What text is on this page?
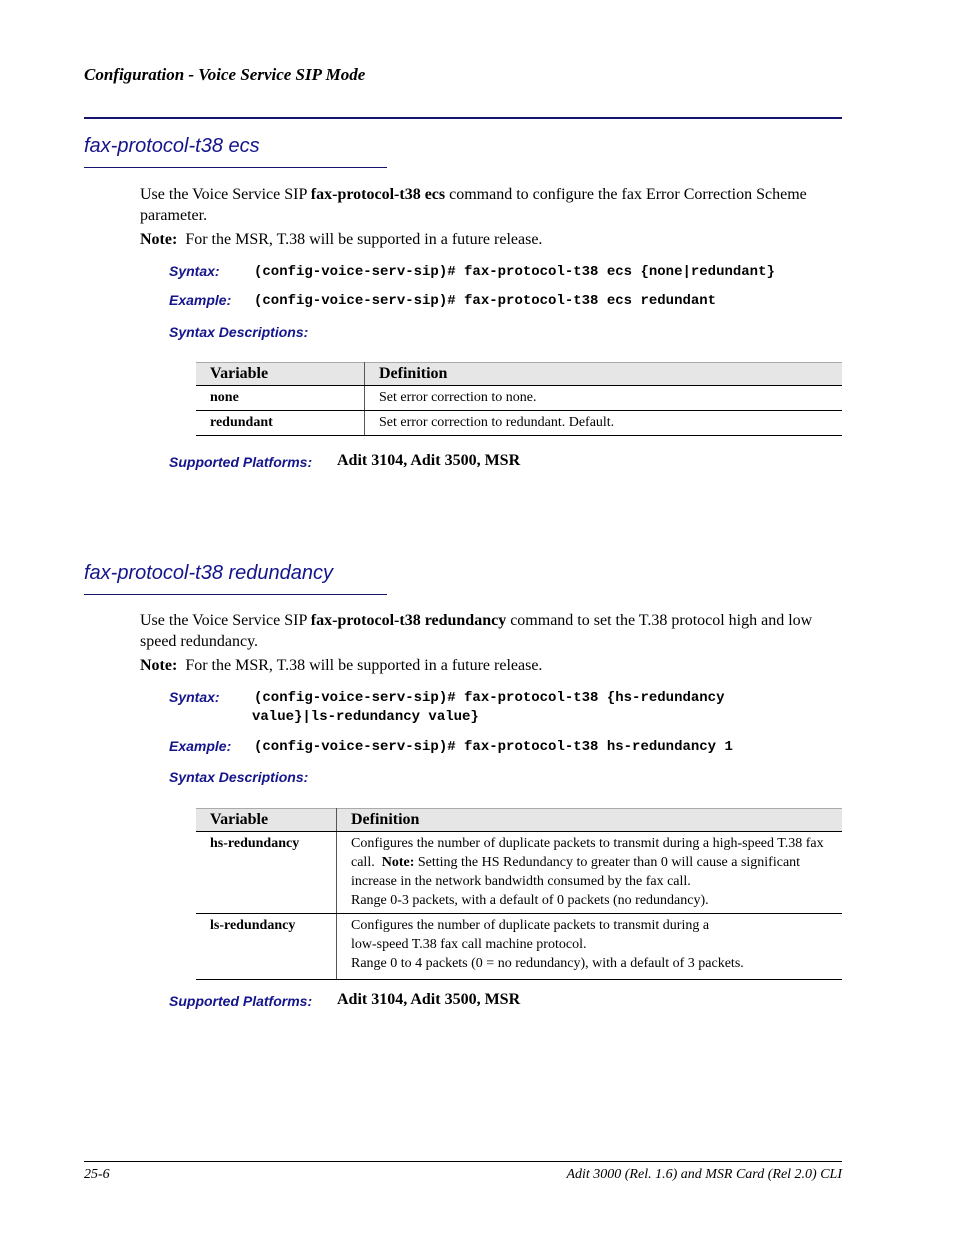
Configuration - Voice Service SIP Mode
fax-protocol-t38 ecs
Use the Voice Service SIP fax-protocol-t38 ecs command to configure the fax Error Correction Scheme parameter.
Note: For the MSR, T.38 will be supported in a future release.
Syntax: (config-voice-serv-sip)# fax-protocol-t38 ecs {none|redundant}
Example: (config-voice-serv-sip)# fax-protocol-t38 ecs redundant
Syntax Descriptions:
Variable	Definition
none	Set error correction to none.
redundant	Set error correction to redundant. Default.
Supported Platforms: Adit 3104, Adit 3500, MSR
fax-protocol-t38 redundancy
Use the Voice Service SIP fax-protocol-t38 redundancy command to set the T.38 protocol high and low speed redundancy.
Note: For the MSR, T.38 will be supported in a future release.
Syntax: (config-voice-serv-sip)# fax-protocol-t38 {hs-redundancy
value}|ls-redundancy value}
Example: (config-voice-serv-sip)# fax-protocol-t38 hs-redundancy 1
Syntax Descriptions:
Variable	Definition
hs-redundancy	Configures the number of duplicate packets to transmit during a high-speed T.38 fax call. Note: Setting the HS Redundancy to greater than 0 will cause a significant increase in the network bandwidth consumed by the fax call.
Range 0-3 packets, with a default of 0 packets (no redundancy).
ls-redundancy	Configures the number of duplicate packets to transmit during a
low-speed T.38 fax call machine protocol.
Range 0 to 4 packets (0 = no redundancy), with a default of 3 packets.
Supported Platforms: Adit 3104, Adit 3500, MSR
25-6	Adit 3000 (Rel. 1.6) and MSR Card (Rel 2.0) CLI
